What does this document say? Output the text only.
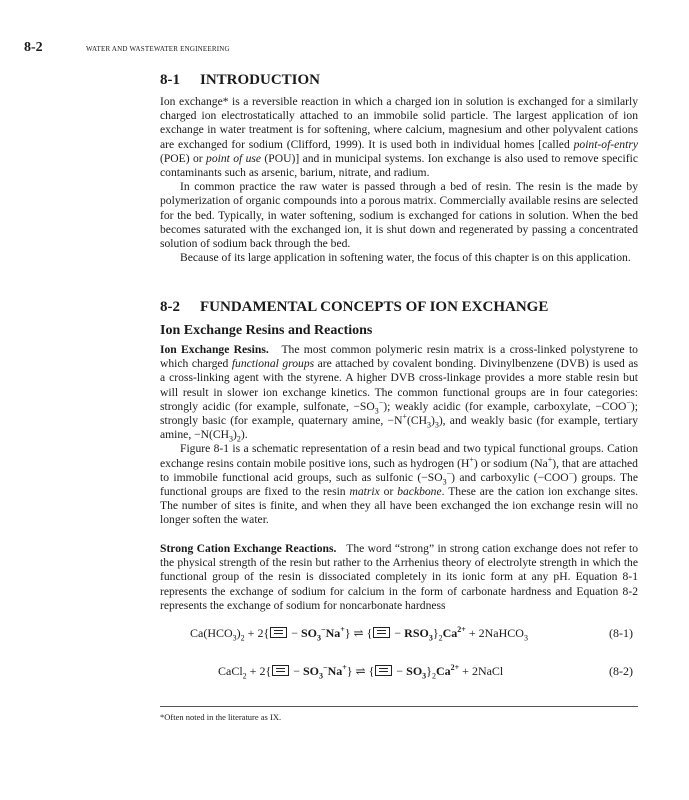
8-2	WATER AND WASTEWATER ENGINEERING
8-1 INTRODUCTION

Ion exchange* is a reversible reaction in which a charged ion in solution is exchanged for a similarly charged ion electrostatically attached to an immobile solid particle. The largest application of ion exchange in water treatment is for softening, where calcium, magnesium and other polyvalent cations are exchanged for sodium (Clifford, 1999). It is used both in individual homes [called point-of-entry (POE) or point of use (POU)] and in municipal systems. Ion exchange is also used to remove specific contaminants such as arsenic, barium, nitrate, and radium.

In common practice the raw water is passed through a bed of resin. The resin is the made by polymerization of organic compounds into a porous matrix. Commercially available resins are selected for the bed. Typically, in water softening, sodium is exchanged for cations in solution. When the bed becomes saturated with the exchanged ion, it is shut down and regenerated by passing a concentrated solution of sodium back through the bed.

Because of its large application in softening water, the focus of this chapter is on this application.

8-2 FUNDAMENTAL CONCEPTS OF ION EXCHANGE
Ion Exchange Resins and Reactions

Ion Exchange Resins. The most common polymeric resin matrix is a cross-linked polystyrene to which charged functional groups are attached by covalent bonding. Divinylbenzene (DVB) is used as a cross-linking agent with the styrene. A higher DVB cross-linkage provides a more stable resin but will result in slower ion exchange kinetics. The common functional groups are in four categories: strongly acidic (for example, sulfonate, $-SO_3^-$); weakly acidic (for example, carboxylate, −COO−); strongly basic (for example, quaternary amine, $-N^+(CH_3)_3$), and weakly basic (for example, tertiary amine, $-N(CH_3)_2$).

Figure 8-1 is a schematic representation of a resin bead and two typical functional groups. Cation exchange resins contain mobile positive ions, such as hydrogen (H+) or sodium (Na+), that are attached to immobile functional acid groups, such as sulfonic $(-SO_3^-)$ and carboxylic (−COO−) groups. The functional groups are fixed to the resin matrix or backbone. These are the cation ion exchange sites. The number of sites is finite, and when they all have been exchanged the ion exchange resin will no longer soften the water.

Strong Cation Exchange Reactions. The word “strong” in strong cation exchange does not refer to the physical strength of the resin but rather to the Arrhenius theory of electrolyte strength in which the functional group of the resin is dissociated completely in its ionic form at any pH. Equation 8-1 represents the exchange of sodium for calcium in the form of carbonate hardness and Equation 8-2 represents the exchange of sodium for noncarbonate hardness

$Ca(HCO_3)_2 + 2\{ - SO_3^-Na^+\}$ ⇌ { − $RSO_3\}_2Ca^{2+}$ + 2NaHCO$_3$	(8-1)
CaCl$_2$ + $2\{ - SO_3^-Na^+\}$ ⇌ { − $SO_3\}_2Ca^{2+}$ + 2NaCl	(8-2)
*Often noted in the literature as IX.
